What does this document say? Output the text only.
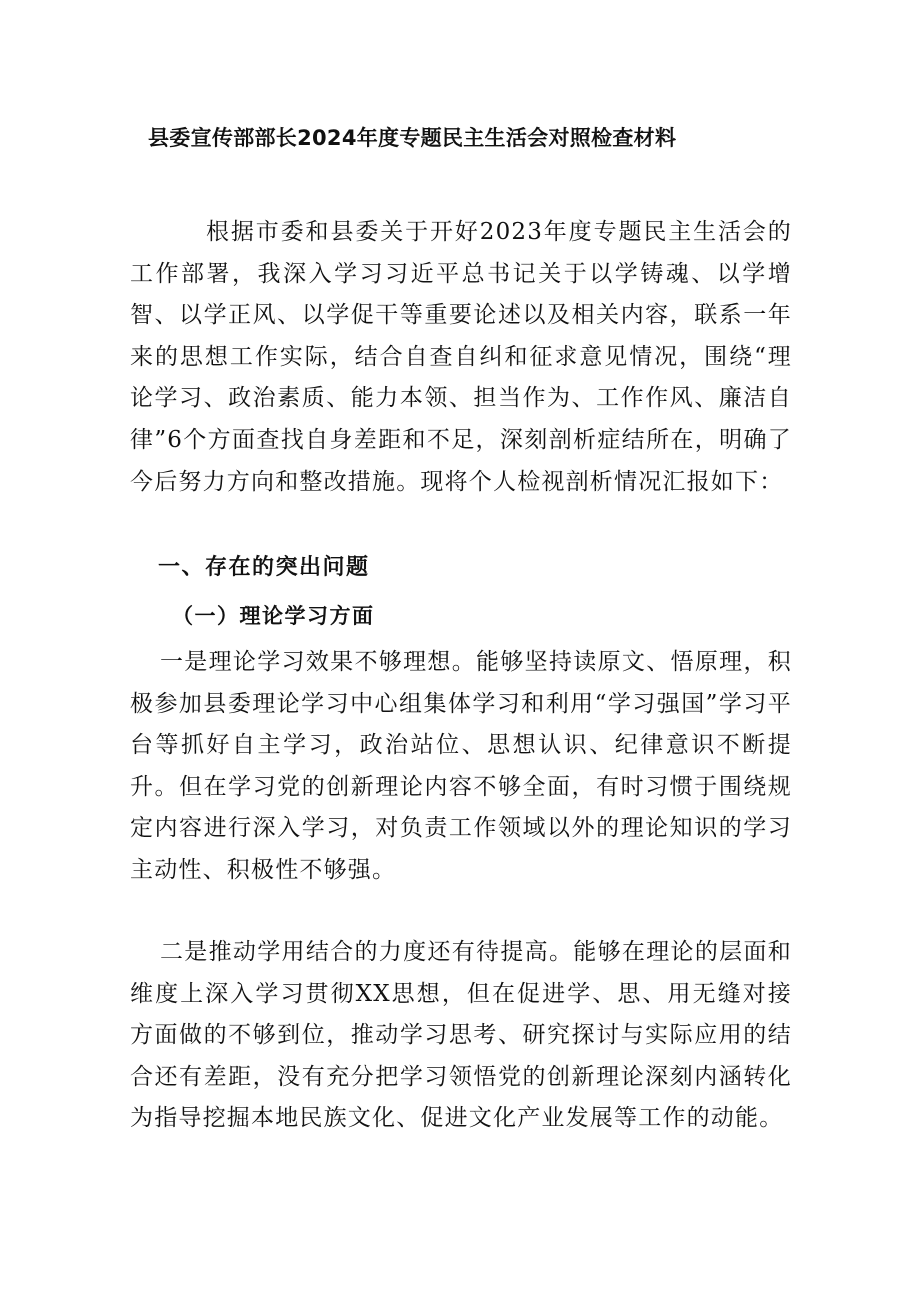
县委宣传部部长2024年度专题民主生活会对照检查材料

根据市委和县委关于开好2023年度专题民主生活会的工作部署，我深入学习习近平总书记关于以学铸魂、以学增智、以学正风、以学促干等重要论述以及相关内容，联系一年来的思想工作实际，结合自查自纠和征求意见情况，围绕“理论学习、政治素质、能力本领、担当作为、工作作风、廉洁自律”6个方面查找自身差距和不足，深刻剖析症结所在，明确了今后努力方向和整改措施。现将个人检视剖析情况汇报如下：

一、存在的突出问题
（一）理论学习方面

一是理论学习效果不够理想。能够坚持读原文、悟原理，积极参加县委理论学习中心组集体学习和利用“学习强国”学习平台等抓好自主学习，政治站位、思想认识、纪律意识不断提升。但在学习党的创新理论内容不够全面，有时习惯于围绕规定内容进行深入学习，对负责工作领域以外的理论知识的学习主动性、积极性不够强。

二是推动学用结合的力度还有待提高。能够在理论的层面和维度上深入学习贯彻XX思想，但在促进学、思、用无缝对接方面做的不够到位，推动学习思考、研究探讨与实际应用的结合还有差距，没有充分把学习领悟党的创新理论深刻内涵转化为指导挖掘本地民族文化、促进文化产业发展等工作的动能。
